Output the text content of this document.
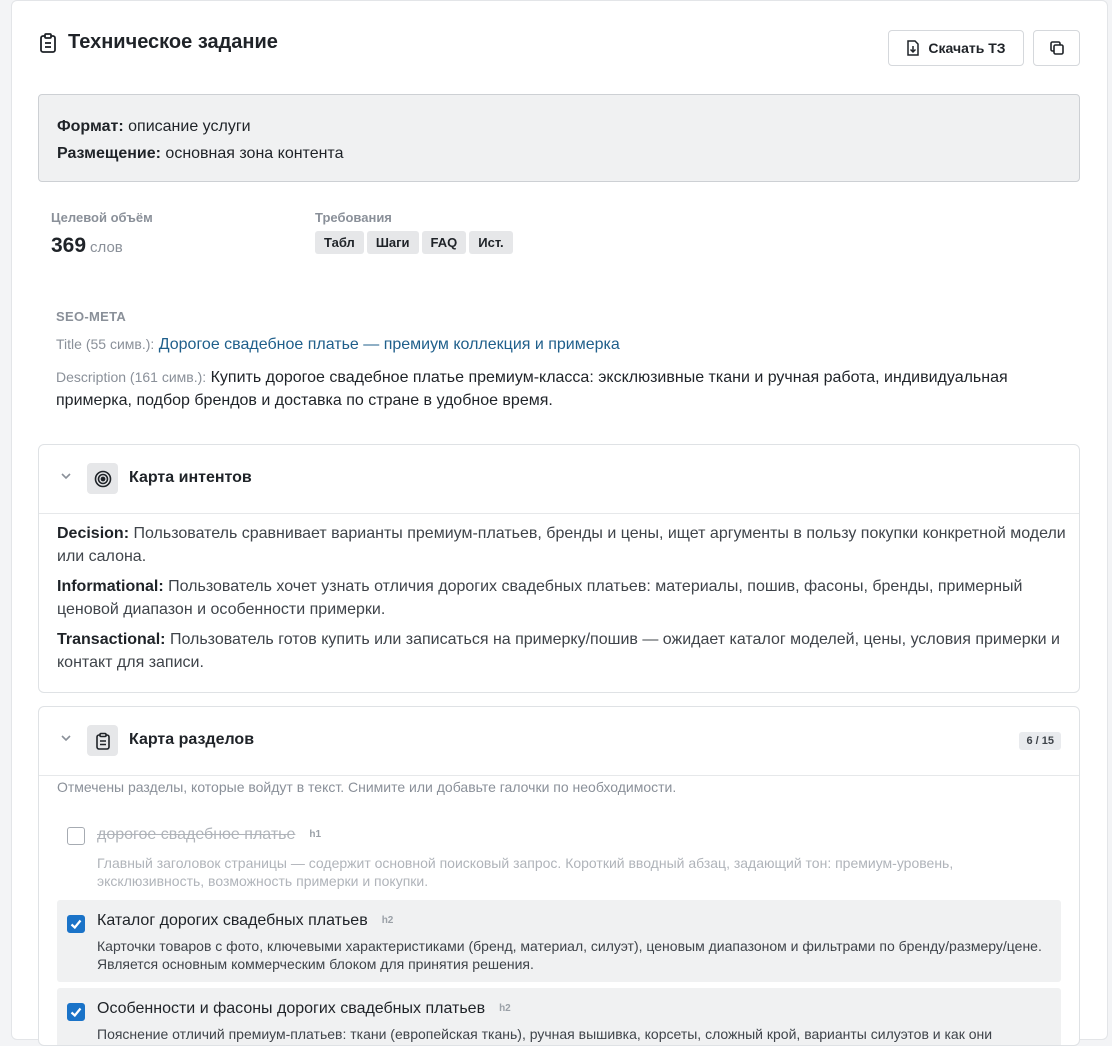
Техническое задание	Скачать ТЗ
Формат: описание услуги
Размещение: основная зона контента
Целевой объём
369 слов
Требования
Табл Шаги FAQ Ист.
SEO-META
Title (55 симв.): Дорогое свадебное платье — премиум коллекция и примерка
Description (161 симв.): Купить дорогое свадебное платье премиум-класса: эксклюзивные ткани и ручная работа, индивидуальная примерка, подбор брендов и доставка по стране в удобное время.
Карта интентов

Decision: Пользователь сравнивает варианты премиум-платьев, бренды и цены, ищет аргументы в пользу покупки конкретной модели или салона.

Informational: Пользователь хочет узнать отличия дорогих свадебных платьев: материалы, пошив, фасоны, бренды, примерный ценовой диапазон и особенности примерки.

Transactional: Пользователь готов купить или записаться на примерку/пошив — ожидает каталог моделей, цены, условия примерки и контакт для записи.

Карта разделов	6 / 15
Отмечены разделы, которые войдут в текст. Снимите или добавьте галочки по необходимости.
дорогое свадебное платье h1
Главный заголовок страницы — содержит основной поисковый запрос. Короткий вводный абзац, задающий тон: премиум-уровень, эксклюзивность, возможность примерки и покупки.
Каталог дорогих свадебных платьев h2
Карточки товаров с фото, ключевыми характеристиками (бренд, материал, силуэт), ценовым диапазоном и фильтрами по бренду/размеру/цене. Является основным коммерческим блоком для принятия решения.
Особенности и фасоны дорогих свадебных платьев h2
Пояснение отличий премиум-платьев: ткани (европейская ткань), ручная вышивка, корсеты, сложный крой, варианты силуэтов и как они
